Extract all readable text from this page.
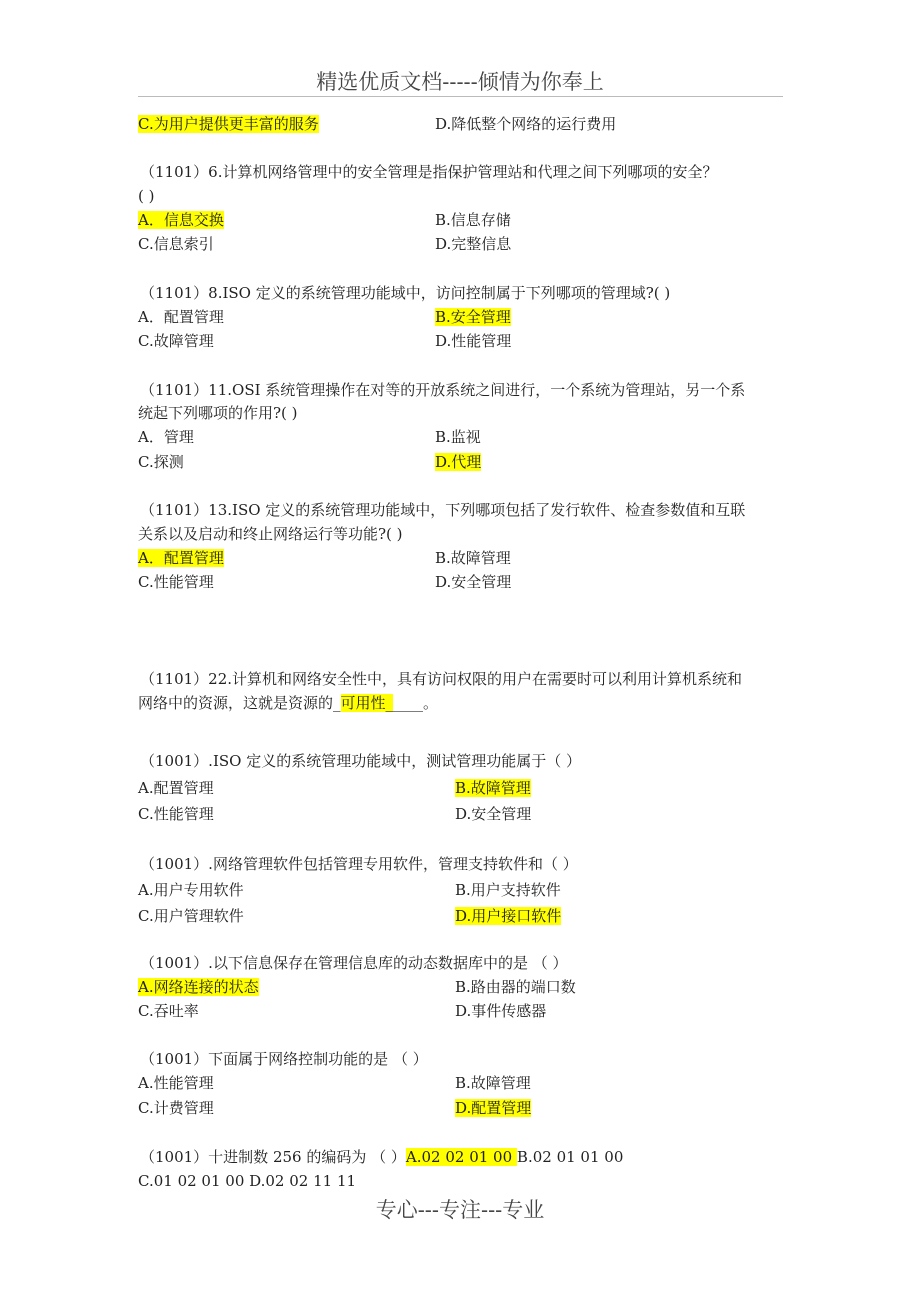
精选优质文档-----倾情为你奉上
C.为用户提供更丰富的服务	D.降低整个网络的运行费用
（1101）6.计算机网络管理中的安全管理是指保护管理站和代理之间下列哪项的安全？
( )
A．信息交换	B.信息存储
C.信息索引	D.完整信息
（1101）8.ISO 定义的系统管理功能域中，访问控制属于下列哪项的管理域?( )
A．配置管理	B.安全管理
C.故障管理	D.性能管理
（1101）11.OSI 系统管理操作在对等的开放系统之间进行，一个系统为管理站，另一个系
统起下列哪项的作用?( )
A．管理	B.监视
C.探测	D.代理
（1101）13.ISO 定义的系统管理功能域中，下列哪项包括了发行软件、检查参数值和互联
关系以及启动和终止网络运行等功能?( )
A．配置管理	B.故障管理
C.性能管理	D.安全管理
（1101）22.计算机和网络安全性中，具有访问权限的用户在需要时可以利用计算机系统和
网络中的资源，这就是资源的_可用性_____。
（1001）.ISO 定义的系统管理功能域中，测试管理功能属于（ ）
A.配置管理	B.故障管理
C.性能管理	D.安全管理
（1001）.网络管理软件包括管理专用软件，管理支持软件和（ ）
A.用户专用软件	B.用户支持软件
C.用户管理软件	D.用户接口软件
（1001）.以下信息保存在管理信息库的动态数据库中的是 （ ）
A.网络连接的状态	B.路由器的端口数
C.吞吐率	D.事件传感器
（1001）下面属于网络控制功能的是 （ ）
A.性能管理	B.故障管理
C.计费管理	D.配置管理
（1001）十进制数 256 的编码为 （ ）A.02 02 01 00 B.02 01 01 00
C.01 02 01 00 D.02 02 11 11
专心---专注---专业
